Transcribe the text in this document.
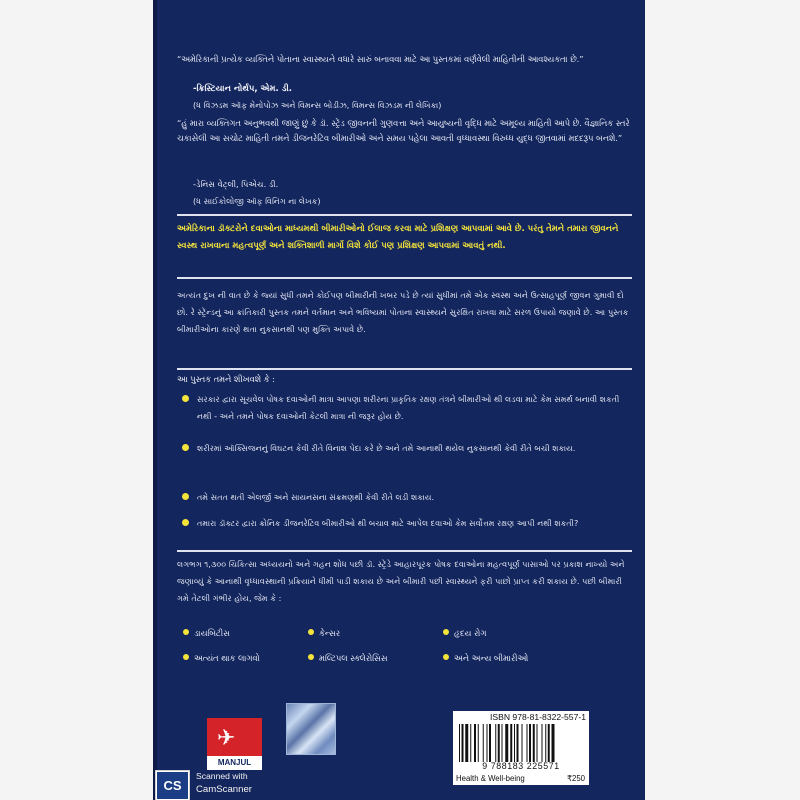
“અમેરિકાની પ્રત્યેક વ્યક્તિને પોતાના સ્વાસ્થ્યને વધારે સારું બનાવવા માટે આ પુસ્તકમાં વર્ણવેલી માહિતીની આવશ્યકતા છે.”
-ક્રિસ્ટિયાન નોર્થપ, એમ. ડી.
(ધ વિઝડમ ઑફ મેનોપોઝ અને વિમન્સ બોડીઝ, વિમન્સ વિઝડમ ની લેખિકા)
“હું મારા વ્યક્તિગત અનુભવથી જાણું છું કે ડૉ. સ્ટ્રેંડ જીવનની ગુણવત્તા અને આયુષ્યની વૃદ્ધિ માટે અમૂલ્ય માહિતી આપે છે. વૈજ્ઞાનિક સ્તરે ચકાસેલી આ સચોટ માહિતી તમને ડીજનરેટિવ બીમારીઓ અને સમય પહેલા આવતી વૃધ્ધાવસ્થા વિરુધ્ધ યુદ્ધ જીતવામાં મદદરૂપ બનશે.”
-ડેનિસ વેટ્લી, પિએચ. ડી.
(ધ સાઈકોલોજી ઑફ વિનિંગ ના લેખક)
અમેરિકાના ડૉક્ટરોને દવાઓના માધ્યમથી બીમારીઓનો ઈલાજ કરવા માટે પ્રશિક્ષણ આપવામાં આવે છે. પરંતુ તેમને તમારા જીવનને સ્વસ્થ રાખવાના મહત્વપૂર્ણ અને શક્તિશાળી માર્ગો વિશે કોઈ પણ પ્રશિક્ષણ આપવામાં આવતું નથી.
અત્યંત દુખ ની વાત છે કે જ્યાં સુધી તમને કોઈપણ બીમારીની ખબર પડે છે ત્યાં સુધીમાં તમે એક સ્વસ્થ અને ઉત્સાહપૂર્ણ જીવન ગુમાવી દો છો. રે સ્ટ્રેંન્ડનું આ ક્રાંતિકારી પુસ્તક તમને વર્તમાન અને ભવિષ્યમાં પોતાના સ્વાસ્થ્યને સુરક્ષિત રાખવા માટે સરળ ઉપાયો જણાવે છે. આ પુસ્તક બીમારીઓના કારણે થતા નુકસાનથી પણ મુક્તિ અપાવે છે.
આ પુસ્તક તમને શીખવશે કે :
સરકાર દ્વારા સૂચવેલ પોષક દવાઓની માત્રા આપણા શરીરના પ્રાકૃતિક રક્ષણ તંત્રને બીમારીઓ થી લડવા માટે કેમ સમર્થ બનાવી શકતી નથી - અને તમને પોષક દવાઓની કેટલી માત્રા ની જરૂર હોય છે.
શરીરમાં ઑક્સિજનનું વિઘટન કેવી રીતે વિનાશ પેદા કરે છે અને તમે આનાથી થયેલ નુકસાનથી કેવી રીતે બચી શકાય.
તમે સતત થતી એલર્જી અને સાયનસના સંક્રમણથી કેવી રીતે લડી શકાય.
તમારા ડૉક્ટર દ્વારા ક્રોનિક ડીજનરેટિવ બીમારીઓ થી બચાવ માટે આપેલ દવાઓ કેમ સર્વોત્તમ રક્ષણ આપી નથી શકતી?
લગભગ ૧,૩૦૦ ચિકિત્સા અધ્યયનો અને ગહન શોધ પછી ડૉ. સ્ટ્રેંડે આહારપૂરક પોષક દવાઓના મહત્વપૂર્ણ પાસાઓ પર પ્રકાશ નાખ્યો અને જણાવ્યું કે આનાથી વૃધ્ધાવસ્થાની પ્રક્રિયાને ધીમી પાડી શકાય છે અને બીમારી પછી સ્વાસ્થ્યને ફરી પાછો પ્રાપ્ત કરી શકાય છે. પછી બીમારી ગમે તેટલી ગંભીર હોય, જેમ કે :
ડાયબિટીસ	કેન્સર	હૃદય રોગ
અત્યંત થાક લાગવો	મલ્ટિપલ સ્ક્લેરોસિસ	અને અન્ય બીમારીઓ
✈
MANJUL
ISBN 978-81-8322-557-1
9 788183 225571
Health & Well-being	₹250
CS
Scanned with
CamScanner
